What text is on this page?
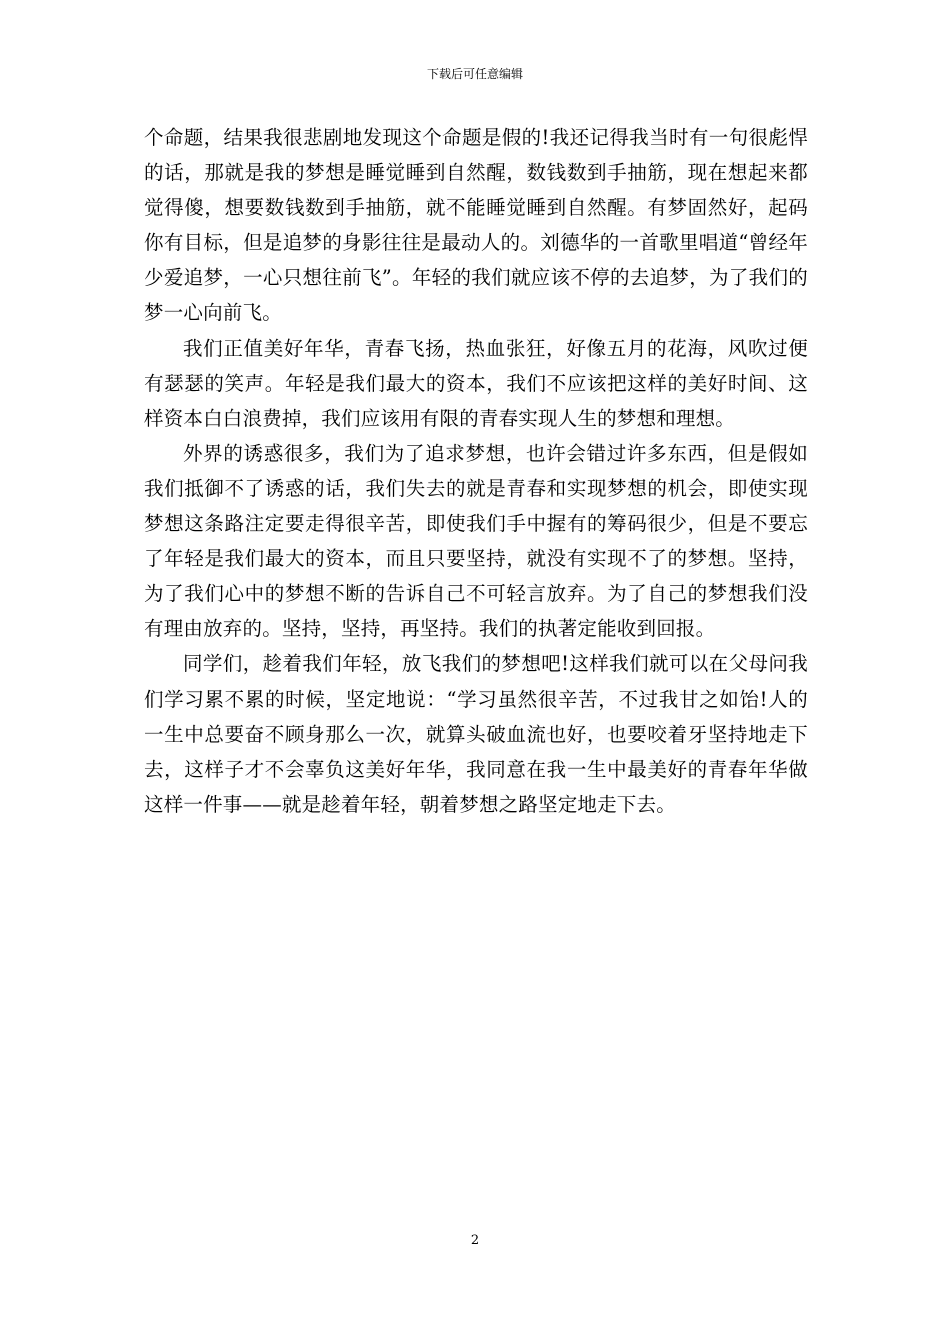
下载后可任意编辑

个命题，结果我很悲剧地发现这个命题是假的!我还记得我当时有一句很彪悍的话，那就是我的梦想是睡觉睡到自然醒，数钱数到手抽筋，现在想起来都觉得傻，想要数钱数到手抽筋，就不能睡觉睡到自然醒。有梦固然好，起码你有目标，但是追梦的身影往往是最动人的。刘德华的一首歌里唱道“曾经年少爱追梦，一心只想往前飞”。年轻的我们就应该不停的去追梦，为了我们的梦一心向前飞。

我们正值美好年华，青春飞扬，热血张狂，好像五月的花海，风吹过便有瑟瑟的笑声。年轻是我们最大的资本，我们不应该把这样的美好时间、这样资本白白浪费掉，我们应该用有限的青春实现人生的梦想和理想。

外界的诱惑很多，我们为了追求梦想，也许会错过许多东西，但是假如我们抵御不了诱惑的话，我们失去的就是青春和实现梦想的机会，即使实现梦想这条路注定要走得很辛苦，即使我们手中握有的筹码很少，但是不要忘了年轻是我们最大的资本，而且只要坚持，就没有实现不了的梦想。坚持，为了我们心中的梦想不断的告诉自己不可轻言放弃。为了自己的梦想我们没有理由放弃的。坚持，坚持，再坚持。我们的执著定能收到回报。

同学们，趁着我们年轻，放飞我们的梦想吧!这样我们就可以在父母问我们学习累不累的时候，坚定地说：“学习虽然很辛苦，不过我甘之如饴!人的一生中总要奋不顾身那么一次，就算头破血流也好，也要咬着牙坚持地走下去，这样子才不会辜负这美好年华，我同意在我一生中最美好的青春年华做这样一件事——就是趁着年轻，朝着梦想之路坚定地走下去。

2
